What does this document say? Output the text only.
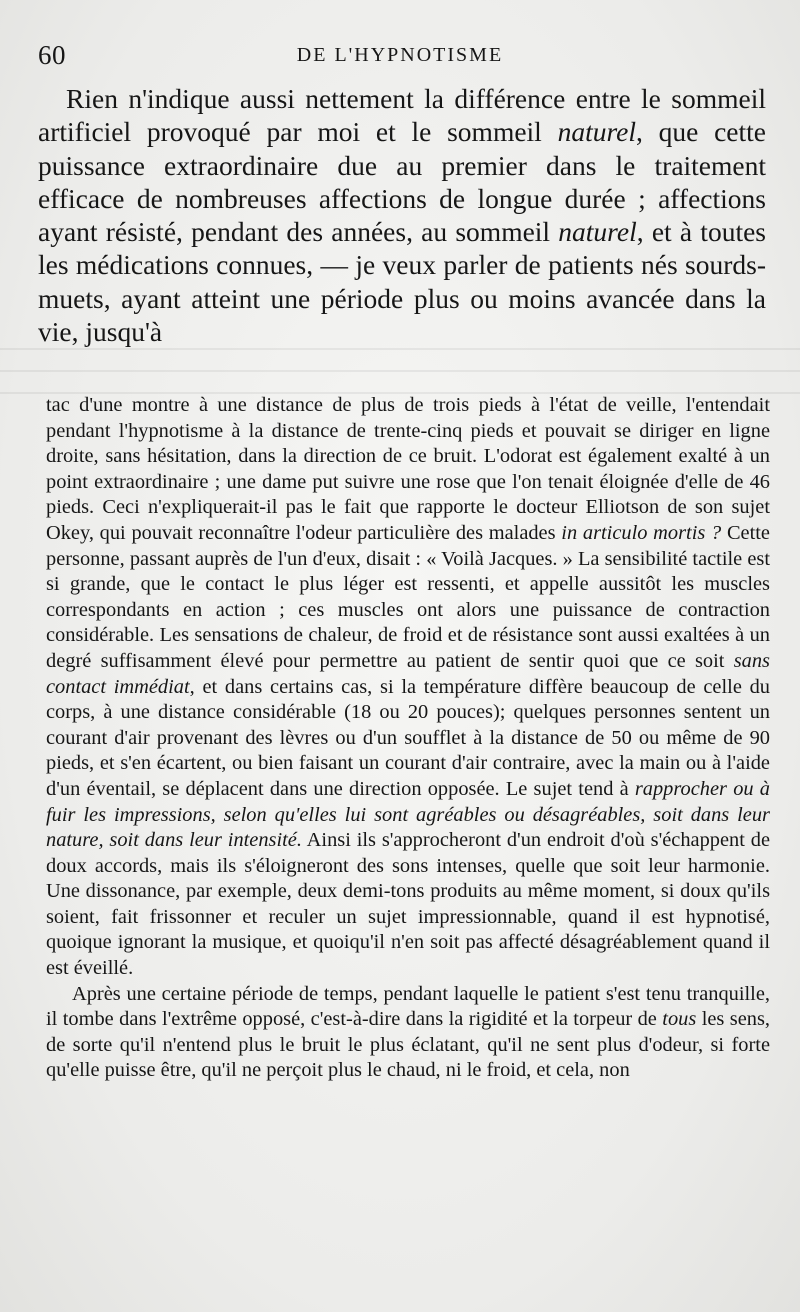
60	DE L'HYPNOTISME

Rien n'indique aussi nettement la différence entre le sommeil artificiel provoqué par moi et le sommeil naturel, que cette puissance extraordinaire due au premier dans le traitement efficace de nombreuses affections de longue durée ; affections ayant résisté, pendant des années, au sommeil naturel, et à toutes les médications connues, — je veux parler de patients nés sourds-muets, ayant atteint une période plus ou moins avancée dans la vie, jusqu'à

tac d'une montre à une distance de plus de trois pieds à l'état de veille, l'entendait pendant l'hypnotisme à la distance de trente-cinq pieds et pouvait se diriger en ligne droite, sans hésitation, dans la direction de ce bruit. L'odorat est également exalté à un point extraordinaire ; une dame put suivre une rose que l'on tenait éloignée d'elle de 46 pieds. Ceci n'expliquerait-il pas le fait que rapporte le docteur Elliotson de son sujet Okey, qui pouvait reconnaître l'odeur particulière des malades in articulo mortis ? Cette personne, passant auprès de l'un d'eux, disait : « Voilà Jacques. » La sensibilité tactile est si grande, que le contact le plus léger est ressenti, et appelle aussitôt les muscles correspondants en action ; ces muscles ont alors une puissance de contraction considérable. Les sensations de chaleur, de froid et de résistance sont aussi exaltées à un degré suffisamment élevé pour permettre au patient de sentir quoi que ce soit sans contact immédiat, et dans certains cas, si la température diffère beaucoup de celle du corps, à une distance considérable (18 ou 20 pouces); quelques personnes sentent un courant d'air provenant des lèvres ou d'un soufflet à la distance de 50 ou même de 90 pieds, et s'en écartent, ou bien faisant un courant d'air contraire, avec la main ou à l'aide d'un éventail, se déplacent dans une direction opposée. Le sujet tend à rapprocher ou à fuir les impressions, selon qu'elles lui sont agréables ou désagréables, soit dans leur nature, soit dans leur intensité. Ainsi ils s'approcheront d'un endroit d'où s'échappent de doux accords, mais ils s'éloigneront des sons intenses, quelle que soit leur harmonie. Une dissonance, par exemple, deux demi-tons produits au même moment, si doux qu'ils soient, fait frissonner et reculer un sujet impressionnable, quand il est hypnotisé, quoique ignorant la musique, et quoiqu'il n'en soit pas affecté désagréablement quand il est éveillé.

Après une certaine période de temps, pendant laquelle le patient s'est tenu tranquille, il tombe dans l'extrême opposé, c'est-à-dire dans la rigidité et la torpeur de tous les sens, de sorte qu'il n'entend plus le bruit le plus éclatant, qu'il ne sent plus d'odeur, si forte qu'elle puisse être, qu'il ne perçoit plus le chaud, ni le froid, et cela, non
